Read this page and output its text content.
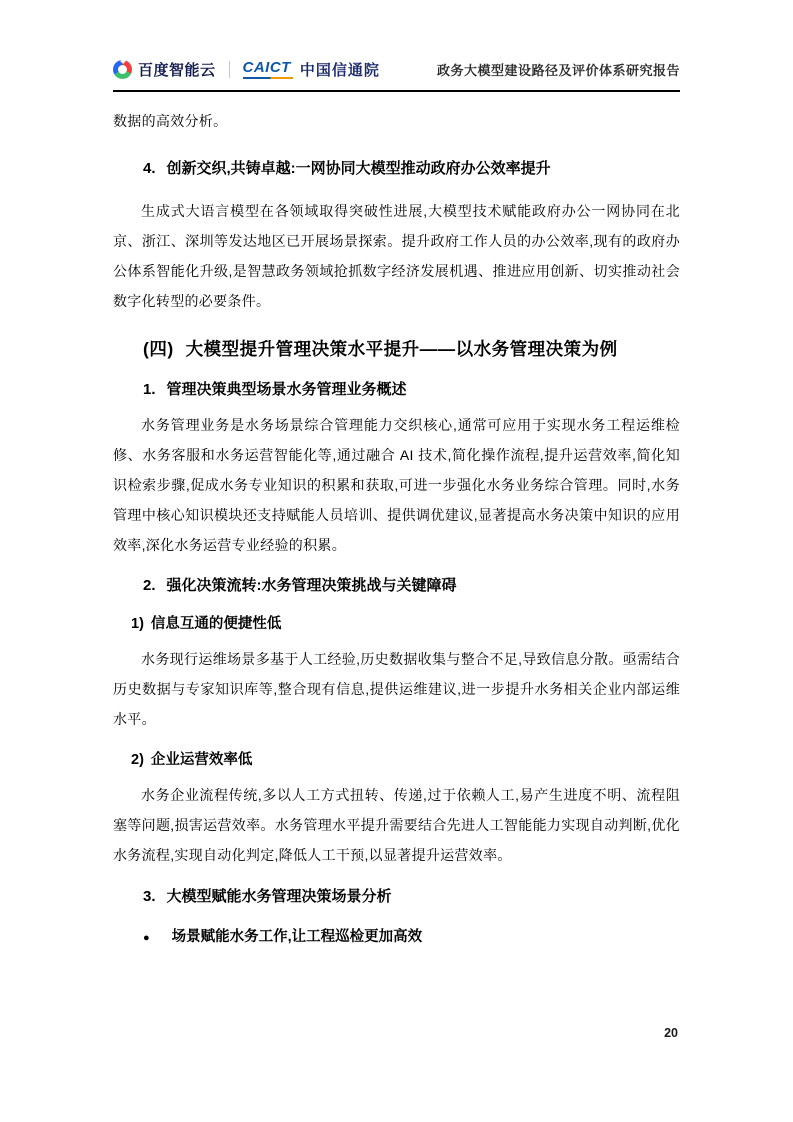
百度智能云 CAICT 中国信通院	政务大模型建设路径及评价体系研究报告

数据的高效分析。

4. 创新交织,共铸卓越:一网协同大模型推动政府办公效率提升

生成式大语言模型在各领域取得突破性进展,大模型技术赋能政府办公一网协同在北京、浙江、深圳等发达地区已开展场景探索。提升政府工作人员的办公效率,现有的政府办公体系智能化升级,是智慧政务领域抢抓数字经济发展机遇、推进应用创新、切实推动社会数字化转型的必要条件。

(四) 大模型提升管理决策水平提升——以水务管理决策为例
1. 管理决策典型场景水务管理业务概述

水务管理业务是水务场景综合管理能力交织核心,通常可应用于实现水务工程运维检修、水务客服和水务运营智能化等,通过融合 AI 技术,简化操作流程,提升运营效率,简化知识检索步骤,促成水务专业知识的积累和获取,可进一步强化水务业务综合管理。同时,水务管理中核心知识模块还支持赋能人员培训、提供调优建议,显著提高水务决策中知识的应用效率,深化水务运营专业经验的积累。

2. 强化决策流转:水务管理决策挑战与关键障碍
1) 信息互通的便捷性低

水务现行运维场景多基于人工经验,历史数据收集与整合不足,导致信息分散。亟需结合历史数据与专家知识库等,整合现有信息,提供运维建议,进一步提升水务相关企业内部运维水平。

2) 企业运营效率低

水务企业流程传统,多以人工方式扭转、传递,过于依赖人工,易产生进度不明、流程阻塞等问题,损害运营效率。水务管理水平提升需要结合先进人工智能能力实现自动判断,优化水务流程,实现自动化判定,降低人工干预,以显著提升运营效率。

3. 大模型赋能水务管理决策场景分析
● 场景赋能水务工作,让工程巡检更加高效
20
